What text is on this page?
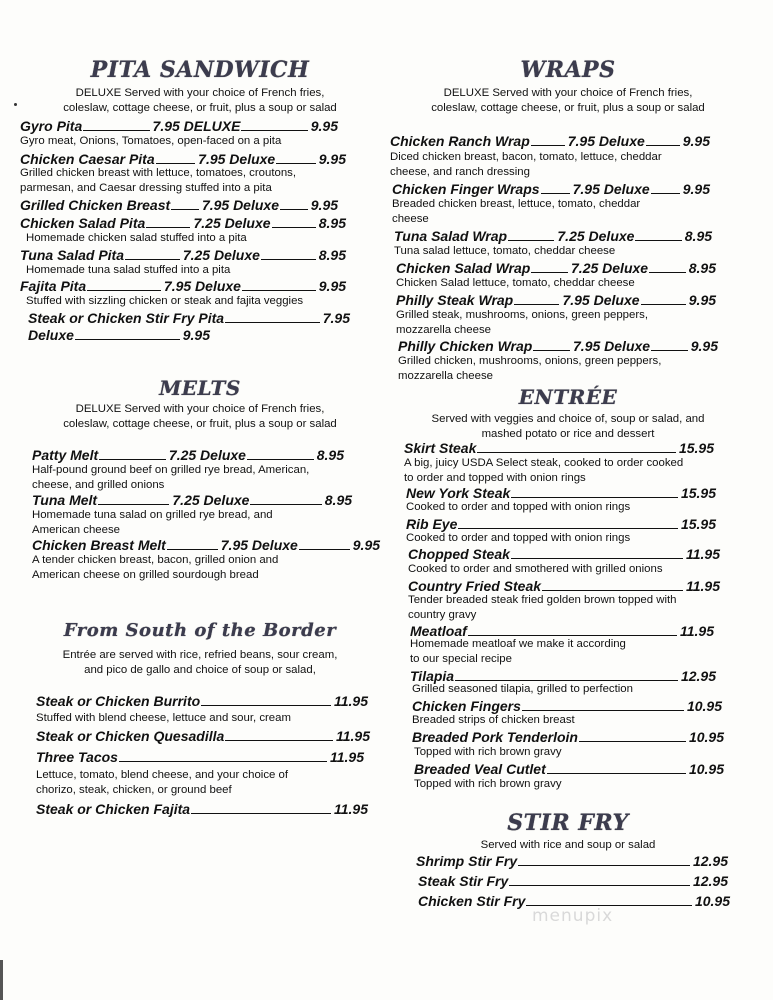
PITA SANDWICH
DELUXE Served with your choice of French fries,
coleslaw, cottage cheese, or fruit, plus a soup or salad
Gyro Pita	7.95 DELUXE	9.95
Gyro meat, Onions, Tomatoes, open-faced on a pita
Chicken Caesar Pita	7.95 Deluxe	9.95
Grilled chicken breast with lettuce, tomatoes, croutons,
parmesan, and Caesar dressing stuffed into a pita
Grilled Chicken Breast 7.95 Deluxe 9.95
Chicken Salad Pita	7.25 Deluxe	8.95
Homemade chicken salad stuffed into a pita
Tuna Salad Pita	7.25 Deluxe	8.95
Homemade tuna salad stuffed into a pita
Fajita Pita	7.95 Deluxe	9.95
Stuffed with sizzling chicken or steak and fajita veggies
Steak or Chicken Stir Fry Pita	7.95
Deluxe	9.95
MELTS
DELUXE Served with your choice of French fries,
coleslaw, cottage cheese, or fruit, plus a soup or salad
Patty Melt	7.25 Deluxe	8.95
Half-pound ground beef on grilled rye bread, American,
cheese, and grilled onions
Tuna Melt	7.25 Deluxe	8.95
Homemade tuna salad on grilled rye bread, and
American cheese
Chicken Breast Melt	7.95 Deluxe	9.95
A tender chicken breast, bacon, grilled onion and
American cheese on grilled sourdough bread
From South of the Border
Entrée are served with rice, refried beans, sour cream,
and pico de gallo and choice of soup or salad,
Steak or Chicken Burrito	11.95
Stuffed with blend cheese, lettuce and sour, cream
Steak or Chicken Quesadilla	11.95
Three Tacos	11.95
Lettuce, tomato, blend cheese, and your choice of
chorizo, steak, chicken, or ground beef
Steak or Chicken Fajita	11.95
WRAPS
DELUXE Served with your choice of French fries,
coleslaw, cottage cheese, or fruit, plus a soup or salad
Chicken Ranch Wrap	7.95 Deluxe	9.95
Diced chicken breast, bacon, tomato, lettuce, cheddar
cheese, and ranch dressing
Chicken Finger Wraps 7.95 Deluxe 9.95
Breaded chicken breast, lettuce, tomato, cheddar
cheese
Tuna Salad Wrap	7.25 Deluxe	8.95
Tuna salad lettuce, tomato, cheddar cheese
Chicken Salad Wrap	7.25 Deluxe	8.95
Chicken Salad lettuce, tomato, cheddar cheese
Philly Steak Wrap	7.95 Deluxe	9.95
Grilled steak, mushrooms, onions, green peppers,
mozzarella cheese
Philly Chicken Wrap	7.95 Deluxe	9.95
Grilled chicken, mushrooms, onions, green peppers,
mozzarella cheese
ENTRÉE
Served with veggies and choice of, soup or salad, and
mashed potato or rice and dessert
Skirt Steak	15.95
A big, juicy USDA Select steak, cooked to order cooked
to order and topped with onion rings
New York Steak	15.95
Cooked to order and topped with onion rings
Rib Eye	15.95
Cooked to order and topped with onion rings
Chopped Steak	11.95
Cooked to order and smothered with grilled onions
Country Fried Steak	11.95
Tender breaded steak fried golden brown topped with
country gravy
Meatloaf	11.95
Homemade meatloaf we make it according
to our special recipe
Tilapia	12.95
Grilled seasoned tilapia, grilled to perfection
Chicken Fingers	10.95
Breaded strips of chicken breast
Breaded Pork Tenderloin	10.95
Topped with rich brown gravy
Breaded Veal Cutlet	10.95
Topped with rich brown gravy
STIR FRY
Served with rice and soup or salad
Shrimp Stir Fry	12.95
Steak Stir Fry	12.95
Chicken Stir Fry	10.95
menupix
